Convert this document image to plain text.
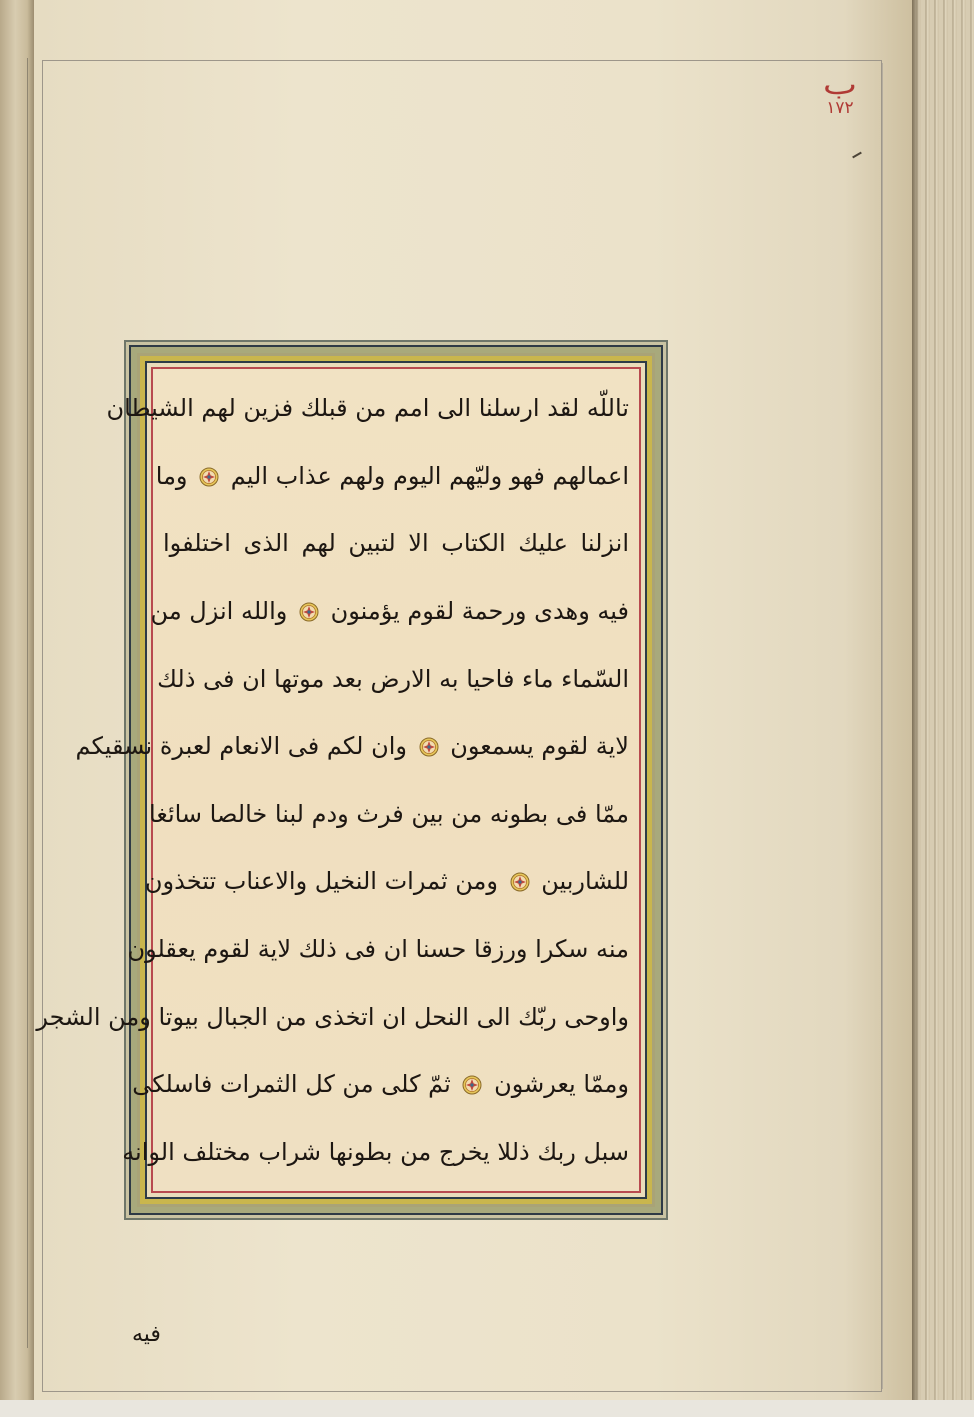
ب
١٧٢
تاللّه لقد ارسلنا الى امم من قبلك فزين لهم الشيطان
اعمالهم فهو وليّهم اليوم ولهم عذاب اليم
وما
انزلنا عليك الكتاب الا لتبين لهم الذى اختلفوا
فيه وهدى ورحمة لقوم يؤمنون
والله انزل من
السّماء ماء فاحيا به الارض بعد موتها ان فى ذلك
لاية لقوم يسمعون
وان لكم فى الانعام لعبرة نسقيكم
ممّا فى بطونه من بين فرث ودم لبنا خالصا سائغا
للشاربين
ومن ثمرات النخيل والاعناب تتخذون
منه سكرا ورزقا حسنا ان فى ذلك لاية لقوم يعقلون
واوحى ربّك الى النحل ان اتخذى من الجبال بيوتا ومن الشجر
وممّا يعرشون
ثمّ كلى من كل الثمرات فاسلكى
سبل ربك ذللا يخرج من بطونها شراب مختلف الوانه
فيه
